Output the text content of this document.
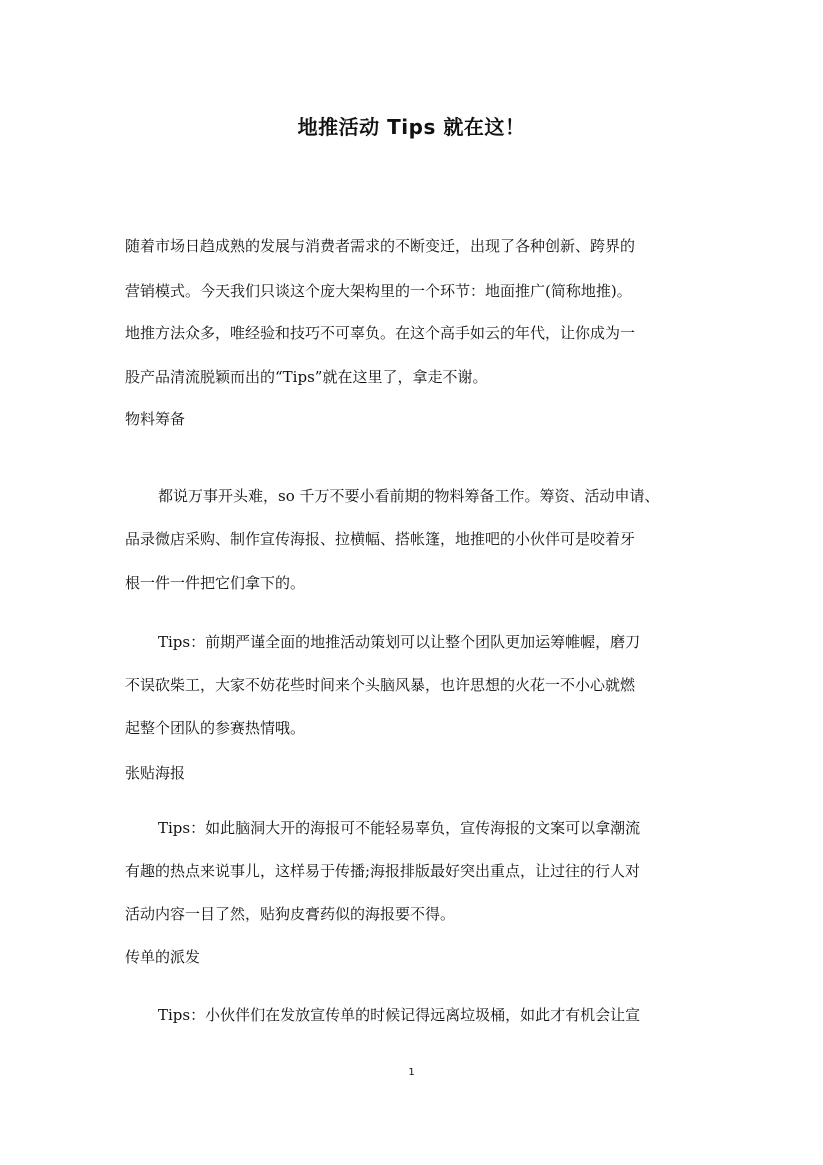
地推活动 Tips 就在这！
随着市场日趋成熟的发展与消费者需求的不断变迁，出现了各种创新、跨界的
营销模式。今天我们只谈这个庞大架构里的一个环节：地面推广(简称地推)。
地推方法众多，唯经验和技巧不可辜负。在这个高手如云的年代，让你成为一
股产品清流脱颖而出的“Tips”就在这里了，拿走不谢。
物料筹备
都说万事开头难，so 千万不要小看前期的物料筹备工作。筹资、活动申请、
品录微店采购、制作宣传海报、拉横幅、搭帐篷，地推吧的小伙伴可是咬着牙
根一件一件把它们拿下的。
Tips：前期严谨全面的地推活动策划可以让整个团队更加运筹帷幄，磨刀
不误砍柴工，大家不妨花些时间来个头脑风暴，也许思想的火花一不小心就燃
起整个团队的参赛热情哦。
张贴海报
Tips：如此脑洞大开的海报可不能轻易辜负，宣传海报的文案可以拿潮流
有趣的热点来说事儿，这样易于传播;海报排版最好突出重点，让过往的行人对
活动内容一目了然，贴狗皮膏药似的海报要不得。
传单的派发
Tips：小伙伴们在发放宣传单的时候记得远离垃圾桶，如此才有机会让宣
1
